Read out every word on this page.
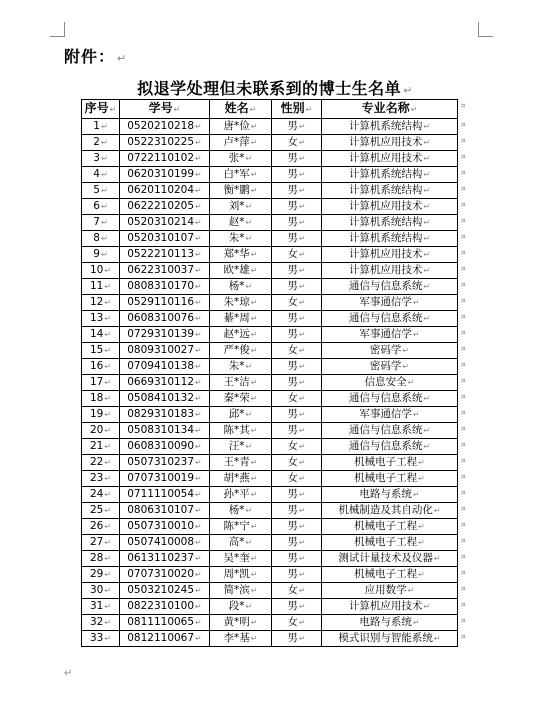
附件： ↵
拟退学处理但未联系到的博士生名单 ↵
序号↵	学号↵	姓名↵	性别↵	专业名称↵
1↵	0520210218↵	唐*俭↵	男↵	计算机系统结构↵
2↵	0522310225↵	卢*萍↵	女↵	计算机应用技术↵
3↵	0722110102↵	张*↵	男↵	计算机应用技术↵
4↵	0620310199↵	白*军↵	男↵	计算机系统结构↵
5↵	0620110204↵	衡*鹏↵	男↵	计算机系统结构↵
6↵	0622210205↵	刘*↵	男↵	计算机应用技术↵
7↵	0520310214↵	赵*↵	男↵	计算机系统结构↵
8↵	0520310107↵	朱*↵	男↵	计算机系统结构↵
9↵	0522210113↵	郑*华↵	女↵	计算机应用技术↵
10↵	0622310037↵	欧*雄↵	男↵	计算机应用技术↵
11↵	0808310170↵	杨*↵	男↵	通信与信息系统↵
12↵	0529110116↵	朱*琼↵	女↵	军事通信学↵
13↵	0608310076↵	綦*周↵	男↵	通信与信息系统↵
14↵	0729310139↵	赵*远↵	男↵	军事通信学↵
15↵	0809310027↵	严*俊↵	女↵	密码学↵
16↵	0709410138↵	朱*↵	男↵	密码学↵
17↵	0669310112↵	王*洁↵	男↵	信息安全↵
18↵	0508410132↵	秦*荣↵	女↵	通信与信息系统↵
19↵	0829310183↵	邱*↵	男↵	军事通信学↵
20↵	0508310134↵	陈*其↵	男↵	通信与信息系统↵
21↵	0608310090↵	汪*↵	女↵	通信与信息系统↵
22↵	0507310237↵	王*青↵	女↵	机械电子工程↵
23↵	0707310019↵	胡*燕↵	女↵	机械电子工程↵
24↵	0711110054↵	孙*平↵	男↵	电路与系统↵
25↵	0806310107↵	杨*↵	男↵	机械制造及其自动化↵
26↵	0507310010↵	陈*宁↵	男↵	机械电子工程↵
27↵	0507410008↵	高*↵	男↵	机械电子工程↵
28↵	0613110237↵	吴*奎↵	男↵	测试计量技术及仪器↵
29↵	0707310020↵	周*凯↵	男↵	机械电子工程↵
30↵	0503210245↵	简*滨↵	女↵	应用数学↵
31↵	0822310100↵	段*↵	男↵	计算机应用技术↵
32↵	0811110065↵	黄*明↵	女↵	电路与系统↵
33↵	0812110067↵	李*基↵	男↵	模式识别与智能系统↵
¤
¤
¤
¤
¤
¤
¤
¤
¤
¤
¤
¤
¤
¤
¤
¤
¤
¤
¤
¤
¤
¤
¤
¤
¤
¤
¤
¤
¤
¤
¤
¤
¤
¤
↵
